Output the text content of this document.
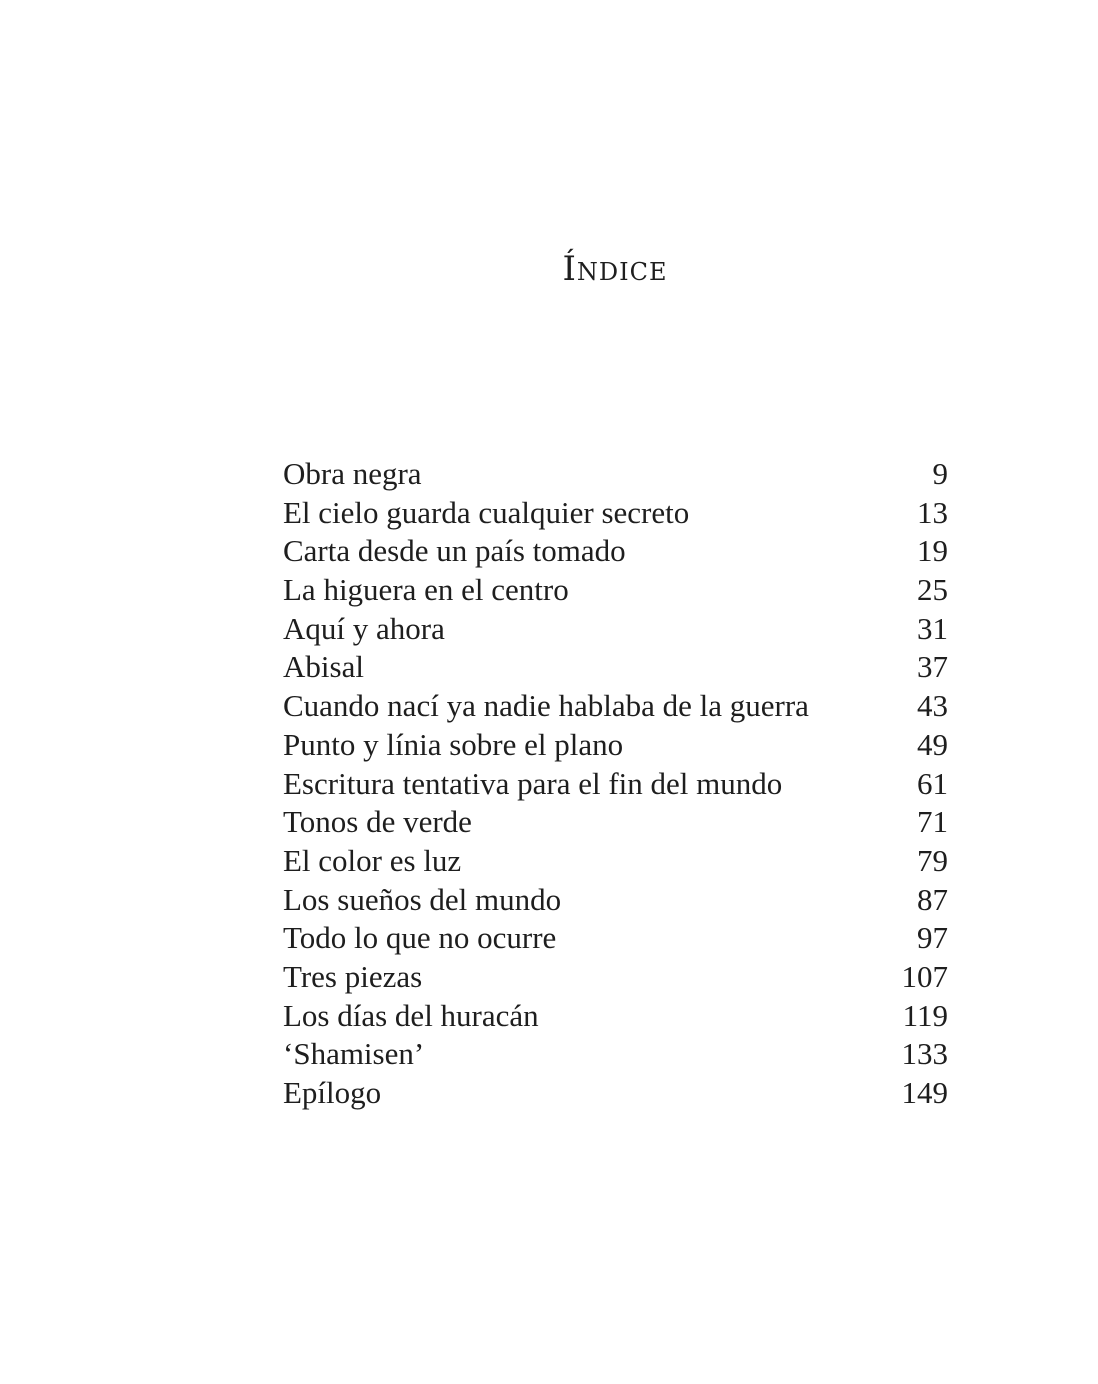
Índice
Obra negra	9
El cielo guarda cualquier secreto	13
Carta desde un país tomado	19
La higuera en el centro	25
Aquí y ahora	31
Abisal	37
Cuando nací ya nadie hablaba de la guerra	43
Punto y línia sobre el plano	49
Escritura tentativa para el fin del mundo	61
Tonos de verde	71
El color es luz	79
Los sueños del mundo	87
Todo lo que no ocurre	97
Tres piezas	107
Los días del huracán	119
‘Shamisen’	133
Epílogo	149
